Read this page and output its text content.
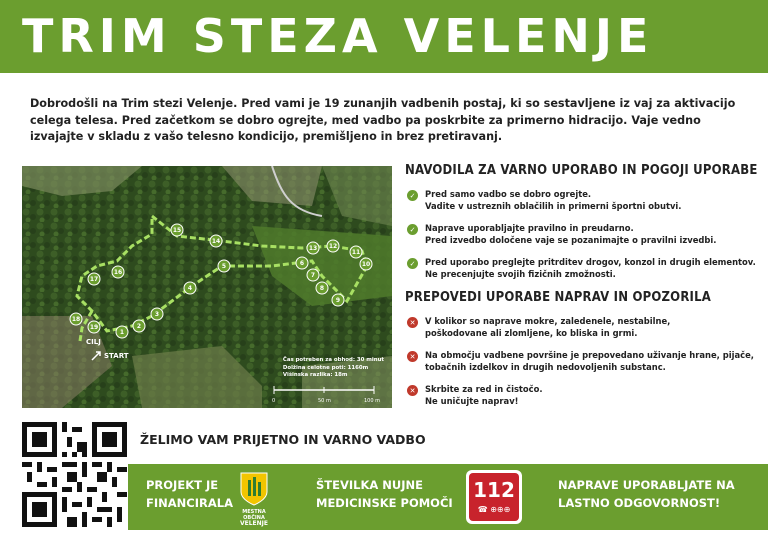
TRIM STEZA VELENJE

Dobrodošli na Trim stezi Velenje. Pred vami je 19 zunanjih vadbenih postaj, ki so sestavljene iz vaj za aktivacijo celega telesa. Pred začetkom se dobro ogrejte, med vadbo pa poskrbite za primerno hidracijo. Vaje vedno izvajajte v skladu z vašo telesno kondicijo, premišljeno in brez pretiravanj.

1
2
3
4
5	6
7
8
9
10
11
12
13
14
15
16
17
18
19
CILJ
START
0	50 m	100 m
Čas potreben za obhod: 30 minut
Dolžina celotne poti: 1160m
Višinska razlika: 18m
NAVODILA ZA VARNO UPORABO IN POGOJI UPORABE
✓	Pred samo vadbo se dobro ogrejte.
Vadite v ustreznih oblačilih in primerni športni obutvi.
✓	Naprave uporabljajte pravilno in preudarno.
Pred izvedbo določene vaje se pozanimajte o pravilni izvedbi.
✓	Pred uporabo preglejte pritrditev drogov, konzol in drugih elementov.
Ne precenjujte svojih fizičnih zmožnosti.
PREPOVEDI UPORABE NAPRAV IN OPOZORILA
✕	V kolikor so naprave mokre, zaledenele, nestabilne,
poškodovane ali zlomljene, ko bliska in grmi.
✕	Na območju vadbene površine je prepovedano uživanje hrane, pijače,
tobačnih izdelkov in drugih nedovoljenih substanc.
✕	Skrbite za red in čistočo.
Ne uničujte naprav!
ŽELIMO VAM PRIJETNO IN VARNO VADBO
PROJEKT JE
FINANCIRALA
MESTNA OBČINA
VELENJE
ŠTEVILKA NUJNE
MEDICINSKE POMOČI
112
☎ ⊕⊕⊕
NAPRAVE UPORABLJATE NA
LASTNO ODGOVORNOST!
